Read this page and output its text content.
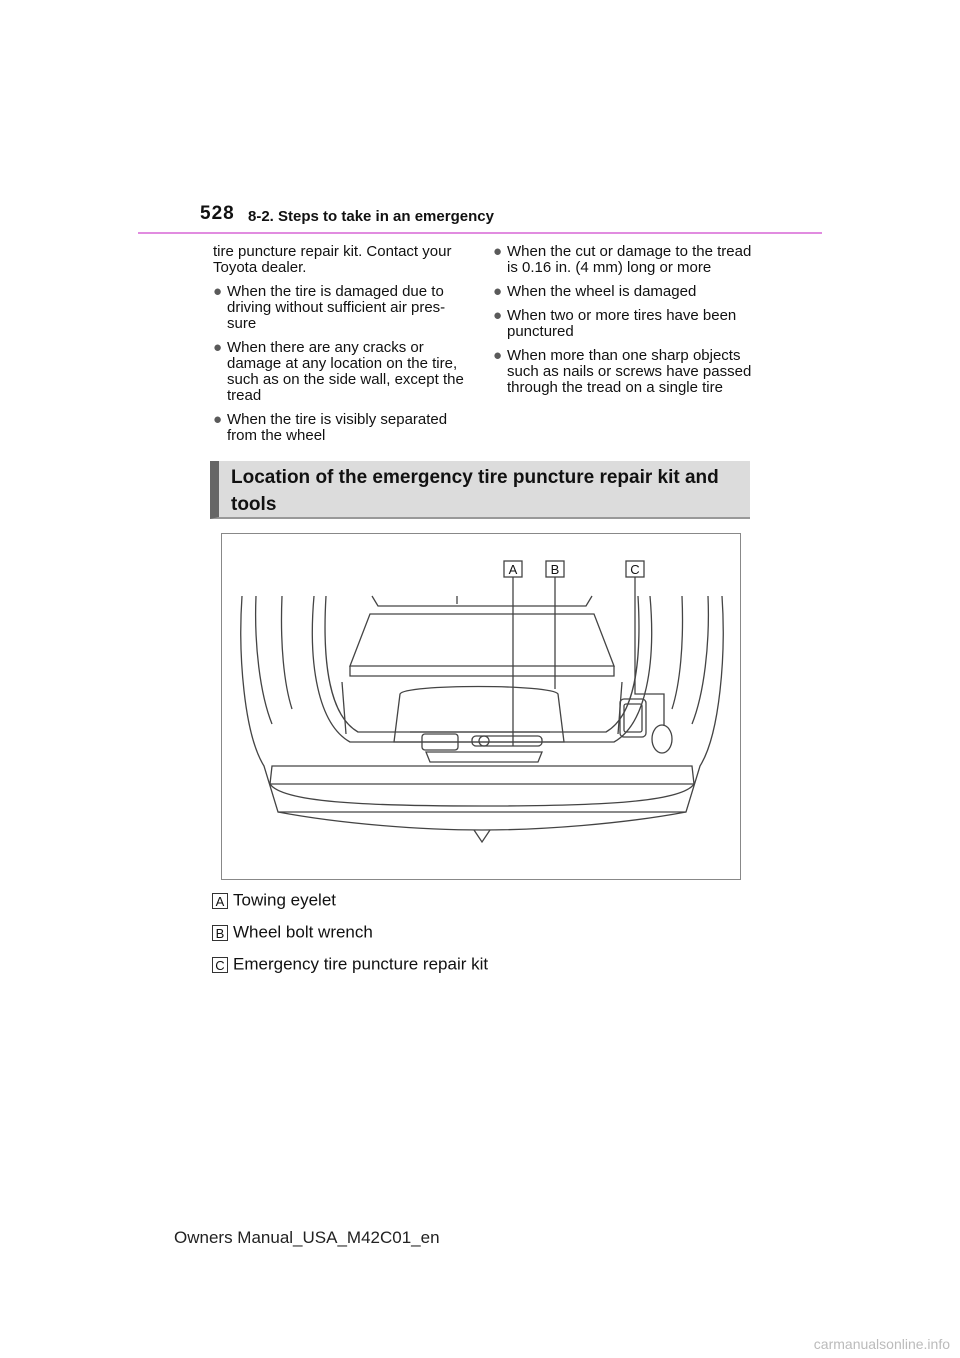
528 8-2. Steps to take in an emergency

tire puncture repair kit. Contact your Toyota dealer.

● When the tire is damaged due to driving without sufficient air pres-sure
● When there are any cracks or damage at any location on the tire, such as on the side wall, except the tread
● When the tire is visibly separated from the wheel
● When the cut or damage to the tread is 0.16 in. (4 mm) long or more
● When the wheel is damaged
● When two or more tires have been punctured
● When more than one sharp objects such as nails or screws have passed through the tread on a single tire
Location of the emergency tire puncture repair kit and tools
A	B	C
A Towing eyelet
B Wheel bolt wrench
C Emergency tire puncture repair kit
Owners Manual_USA_M42C01_en
carmanualsonline.info
